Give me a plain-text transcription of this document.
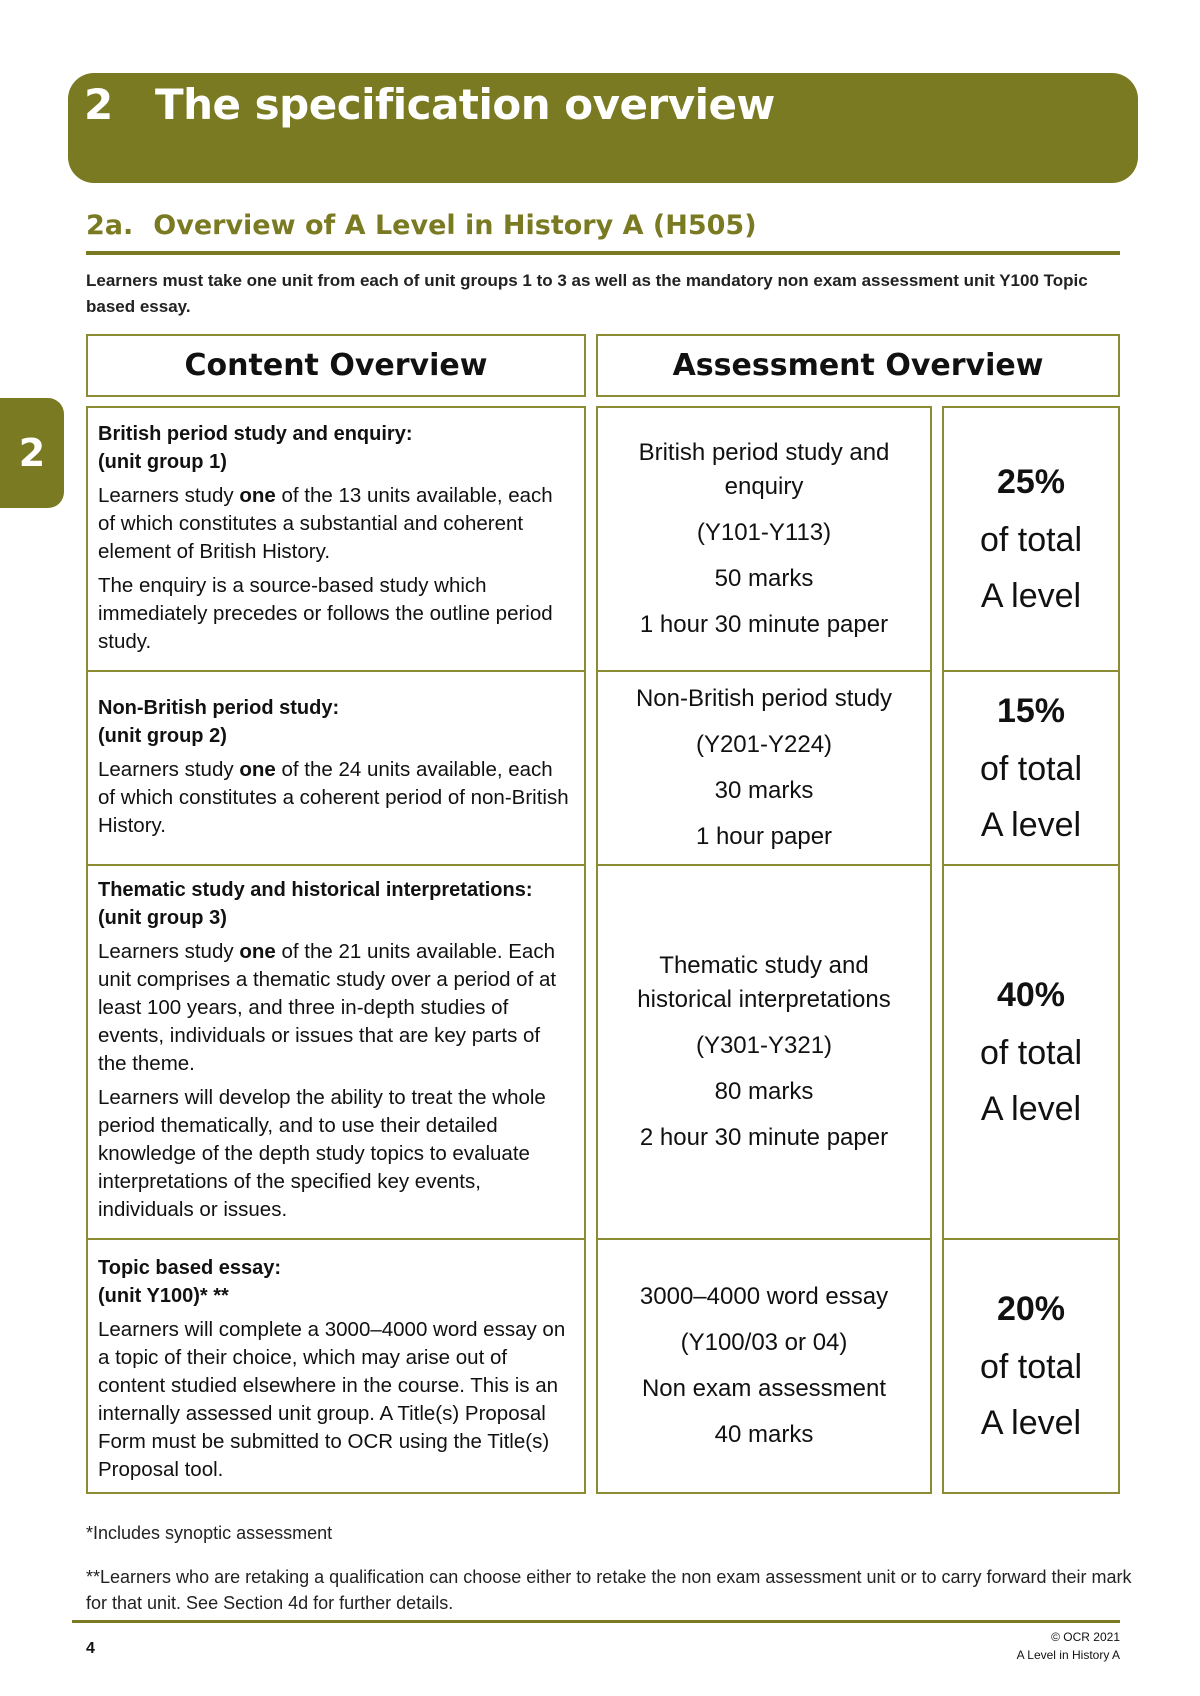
2 The specification overview
2
2a. Overview of A Level in History A (H505)
Learners must take one unit from each of unit groups 1 to 3 as well as the mandatory non exam assessment unit Y100 Topic based essay.
Content Overview	Assessment Overview
British period study and enquiry:
(unit group 1)
Learners study one of the 13 units available, each of which constitutes a substantial and coherent element of British History.
The enquiry is a source-based study which immediately precedes or follows the outline period study.
British period study and enquiry
(Y101-Y113)
50 marks
1 hour 30 minute paper
25%
of total
A level
Non-British period study:
(unit group 2)
Learners study one of the 24 units available, each of which constitutes a coherent period of non-British History.
Non-British period study
(Y201-Y224)
30 marks
1 hour paper
15%
of total
A level
Thematic study and historical interpretations:
(unit group 3)
Learners study one of the 21 units available. Each unit comprises a thematic study over a period of at least 100 years, and three in-depth studies of events, individuals or issues that are key parts of the theme.
Learners will develop the ability to treat the whole period thematically, and to use their detailed knowledge of the depth study topics to evaluate interpretations of the specified key events, individuals or issues.
Thematic study and historical interpretations
(Y301-Y321)
80 marks
2 hour 30 minute paper
40%
of total
A level
Topic based essay:
(unit Y100)* **
Learners will complete a 3000–4000 word essay on a topic of their choice, which may arise out of content studied elsewhere in the course. This is an internally assessed unit group. A Title(s) Proposal Form must be submitted to OCR using the Title(s) Proposal tool.
3000–4000 word essay
(Y100/03 or 04)
Non exam assessment
40 marks
20%
of total
A level
*Includes synoptic assessment
**Learners who are retaking a qualification can choose either to retake the non exam assessment unit or to carry forward their mark for that unit. See Section 4d for further details.
4
© OCR 2021
A Level in History A
